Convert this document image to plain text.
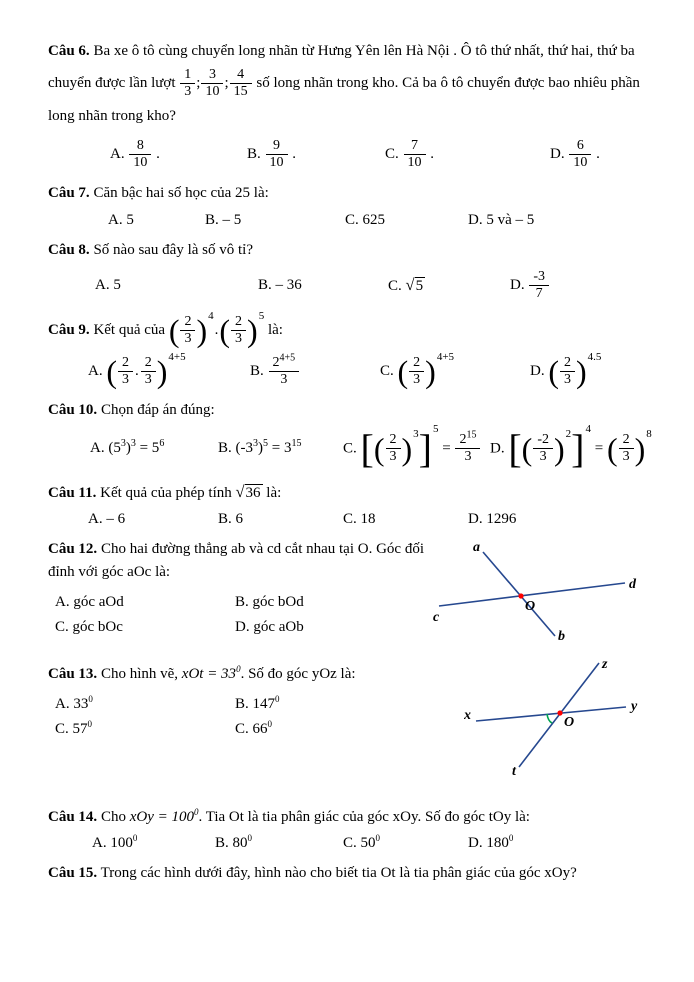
Câu 6. Ba xe ô tô cùng chuyển long nhãn từ Hưng Yên lên Hà Nội . Ô tô thứ nhất, thứ hai, thứ ba chuyển được lần lượt $\frac{1}{3}$ ; $\frac{3}{10}$ ; $\frac{4}{15}$ số long nhãn trong kho. Cả ba ô tô chuyển được bao nhiêu phần long nhãn trong kho?

A. $\frac{8}{10}$ .	B. $\frac{9}{10}$ .	C. $\frac{7}{10}$ .	D. $\frac{6}{10}$ .

Câu 7. Căn bậc hai số học của 25 là:

A. 5	B. – 5	C. 625	D. 5 và – 5

Câu 8. Số nào sau đây là số vô tỉ?

A. 5	B. – 36	C. √5	D. $\frac{-3}{7}$

Câu 9. Kết quả của ( $\frac{2}{3} )^4.( \frac{2}{3} )^5$ là:

A. ( $\frac{2}{3}$ . $\frac{2}{3} )^{4+5}$
B. $\frac{2^{4+5}}{3}$	C. ( $\frac{2}{3} )^{4+5}$
D. ( $\frac{2}{3} )^{4.5}$

Câu 10. Chọn đáp án đúng:

A. $(5^3)^3 = 5^6$	B. $(-3^3)^5 = 3^{15}$	C. [( $\frac{2}{3} )^3]^5 = \frac{2^{15}}{3} D$. [( $\frac{-2}{3} )^2]^4$ = ( $\frac{2}{3} )^8$

Câu 11. Kết quả của phép tính √36 là:

A. – 6	B. 6	C. 18	D. 1296

Câu 12. Cho hai đường thẳng ab và cd cắt nhau tại O. Góc đối đỉnh với góc aOc là:

A. góc aOd	B. góc bOd
C. góc bOc	D. góc aOb
a
b
c
d
O

Câu 13. Cho hình vẽ, xOt = $33^0$. Số đo góc yOz là:

A. $33^0$	B. $147^0$
C. $57^0$	C. $66^0$
x
y
z
t
O

Câu 14. Cho xOy = $100^0$. Tia Ot là tia phân giác của góc xOy. Số đo góc tOy là:

A. $100^0$	B. $80^0$	C. $50^0$	D. $180^0$

Câu 15. Trong các hình dưới đây, hình nào cho biết tia Ot là tia phân giác của góc xOy?
